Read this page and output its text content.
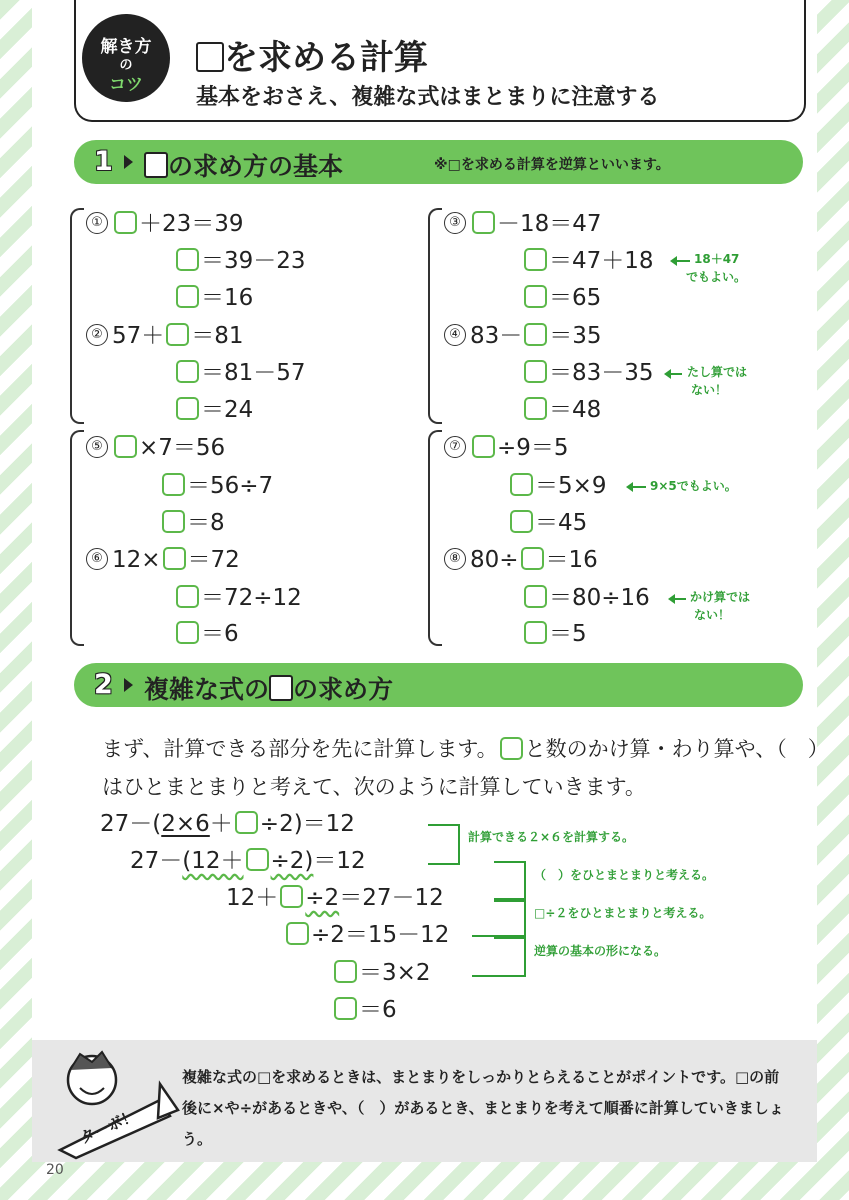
解き方
の
コツ
を求める計算
基本をおさえ、複雑な式はまとまりに注意する
1	の求め方の基本	※□を求める計算を逆算といいます。
① ＋23＝39
＝39－23
＝16
② 57＋ ＝81
＝81－57
＝24
③ －18＝47
＝47＋18
＝65
18＋47
でもよい。
④ 83－ ＝35
＝83－35
＝48
たし算では
ない！
⑤ ×7＝56
＝56÷7
＝8
⑥ 12× ＝72
＝72÷12
＝6
⑦ ÷9＝5
＝5×9
＝45
9×5でもよい。
⑧ 80÷ ＝16
＝80÷16
＝5
かけ算では
ない！
2 複雑な式の の求め方
まず、計算できる部分を先に計算します。 と数のかけ算・わり算や、（　）はひとまとまりと考えて、次のように計算していきます。
27－(2×6＋ ÷2)＝12
27－(12＋ ÷2)＝12
12＋ ÷2＝27－12
÷2＝15－12
＝3×2
＝6
計算できる２×６を計算する。
（　）をひとまとまりと考える。
□÷２をひとまとまりと考える。
逆算の基本の形になる。
ターボ！
複雑な式の□を求めるときは、まとまりをしっかりとらえることがポイントです。□の前後に×や÷があるときや、（　）があるとき、まとまりを考えて順番に計算していきましょう。
20
